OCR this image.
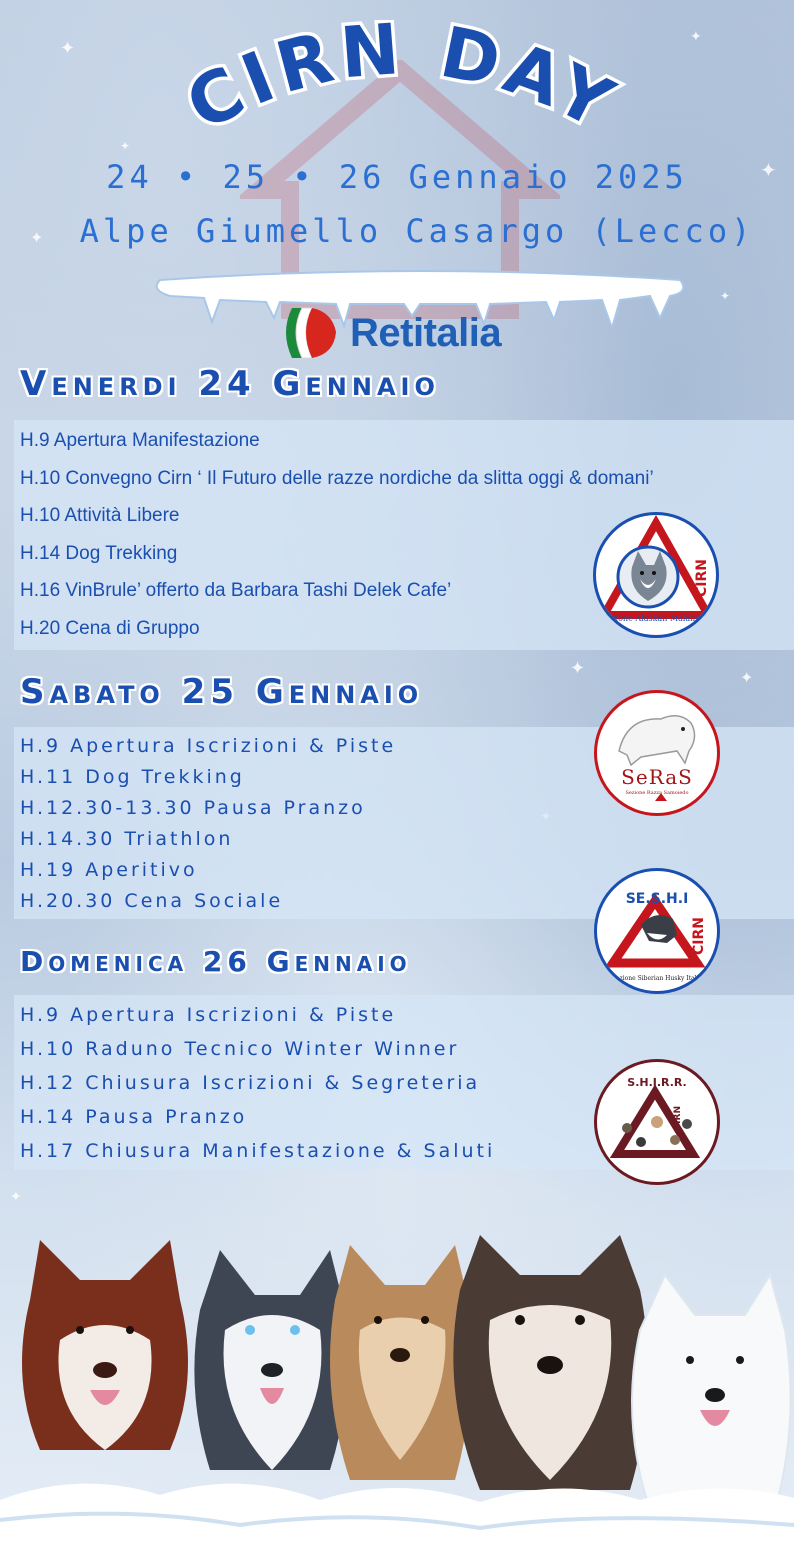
✦
✦
✦
✦
✦
✦
✦	✦
✦
CIRN DAY
24 • 25 • 26 Gennaio 2025
Alpe Giumello Casargo (Lecco)
Retitalia
Venerdi 24 Gennaio
H.9 Apertura Manifestazione
H.10 Convegno Cirn ‘ Il Futuro delle razze nordiche da slitta oggi & domani’
H.10 Attività Libere
H.14 Dog Trekking
H.16 VinBrule’ offerto da Barbara Tashi Delek Cafe’
H.20 Cena di Gruppo
Sabato 25 Gennaio
H.9 Apertura Iscrizioni & Piste
H.11 Dog Trekking
H.12.30-13.30 Pausa Pranzo
H.14.30 Triathlon
H.19 Aperitivo
H.20.30 Cena Sociale
Domenica 26 Gennaio
H.9 Apertura Iscrizioni & Piste
H.10 Raduno Tecnico Winter Winner
H.12 Chiusura Iscrizioni & Segreteria
H.14 Pausa Pranzo
H.17 Chiusura Manifestazione & Saluti
Sezione Alaskan Malamute
CIRN
SeRaS
Sezione Razza Samoiedo
SE.S.H.I
CIRN
Sezione Siberian Husky Italia
S.H.I.R.R.
CIRN
